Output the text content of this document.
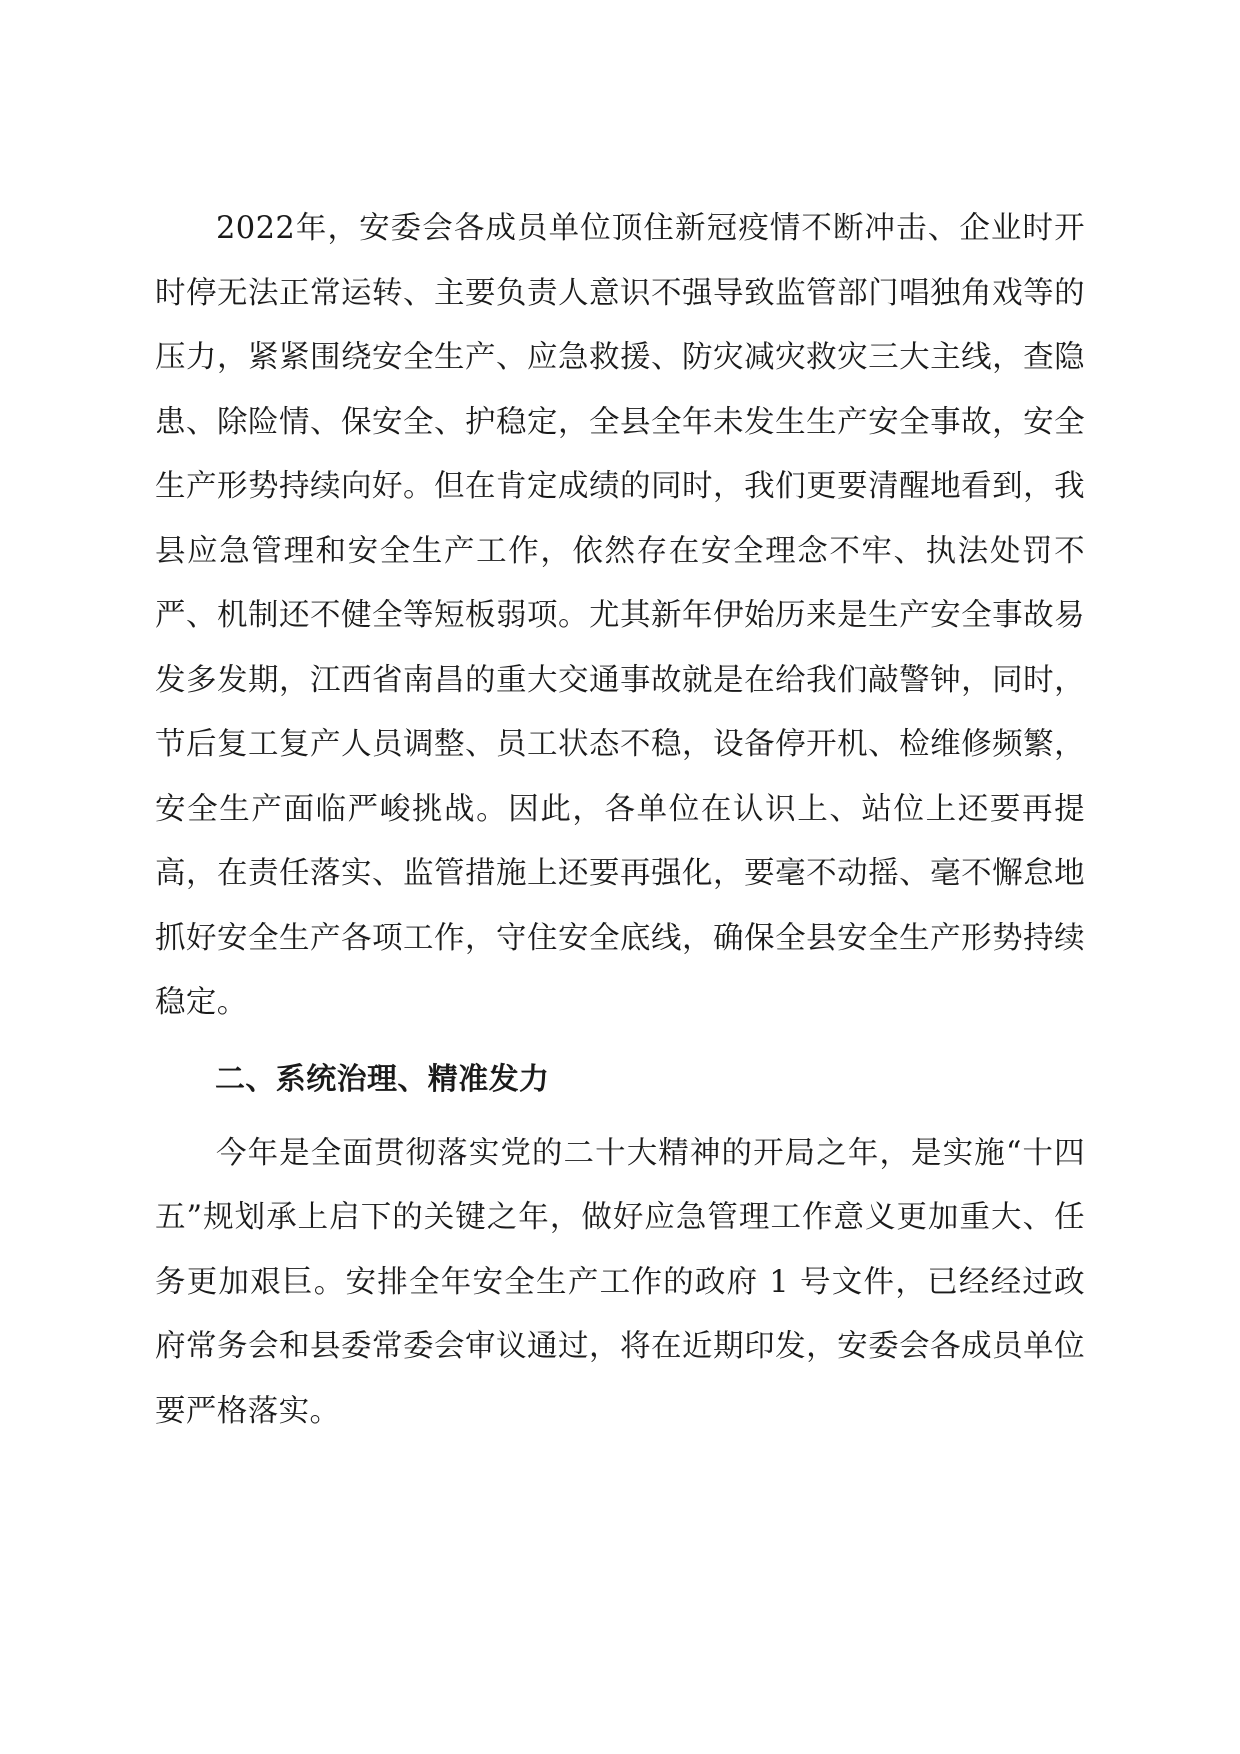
2022年，安委会各成员单位顶住新冠疫情不断冲击、企业时开时停无法正常运转、主要负责人意识不强导致监管部门唱独角戏等的压力，紧紧围绕安全生产、应急救援、防灾减灾救灾三大主线，查隐患、除险情、保安全、护稳定，全县全年未发生生产安全事故，安全生产形势持续向好。但在肯定成绩的同时，我们更要清醒地看到，我县应急管理和安全生产工作，依然存在安全理念不牢、执法处罚不严、机制还不健全等短板弱项。尤其新年伊始历来是生产安全事故易发多发期，江西省南昌的重大交通事故就是在给我们敲警钟，同时，节后复工复产人员调整、员工状态不稳，设备停开机、检维修频繁，安全生产面临严峻挑战。因此，各单位在认识上、站位上还要再提高，在责任落实、监管措施上还要再强化，要毫不动摇、毫不懈怠地抓好安全生产各项工作，守住安全底线，确保全县安全生产形势持续稳定。

二、系统治理、精准发力

今年是全面贯彻落实党的二十大精神的开局之年，是实施“十四五”规划承上启下的关键之年，做好应急管理工作意义更加重大、任务更加艰巨。安排全年安全生产工作的政府 1 号文件，已经经过政府常务会和县委常委会审议通过，将在近期印发，安委会各成员单位要严格落实。
